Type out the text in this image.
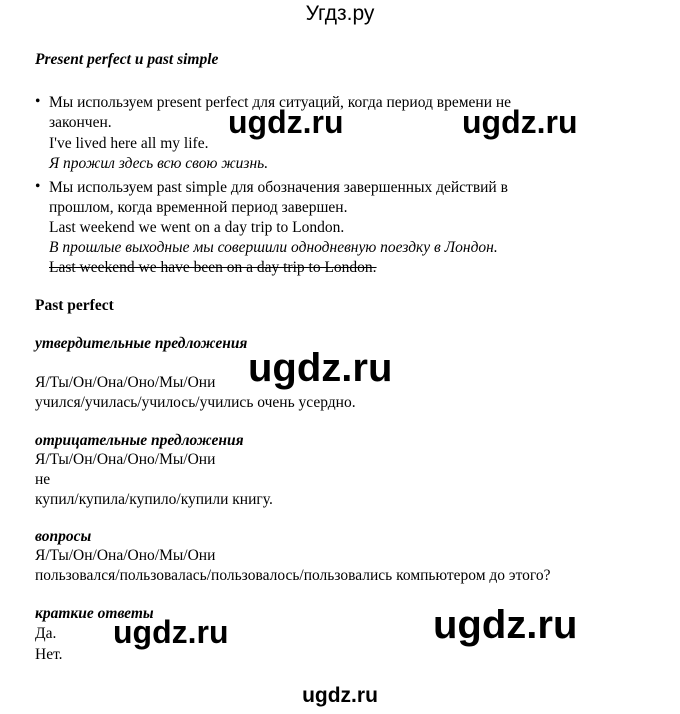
Угдз.ру
Present perfect и past simple
• Мы используем present perfect для ситуаций, когда период времени не
закончен.
I've lived here all my life.
Я прожил здесь всю свою жизнь.
• Мы используем past simple для обозначения завершенных действий в
прошлом, когда временной период завершен.
Last weekend we went on a day trip to London.
В прошлые выходные мы совершили однодневную поездку в Лондон.
Last weekend we have been on a day trip to London.
Past perfect
утвердительные предложения
Я/Ты/Он/Она/Оно/Мы/Они
учился/училась/училось/учились очень усердно.
отрицательные предложения
Я/Ты/Он/Она/Оно/Мы/Они
не
купил/купила/купило/купили книгу.
вопросы
Я/Ты/Он/Она/Оно/Мы/Они
пользовался/пользовалась/пользовалось/пользовались компьютером до этого?
краткие ответы
Да.
Нет.
ugdz.ru	ugdz.ru
ugdz.ru
ugdz.ru	ugdz.ru
ugdz.ru
